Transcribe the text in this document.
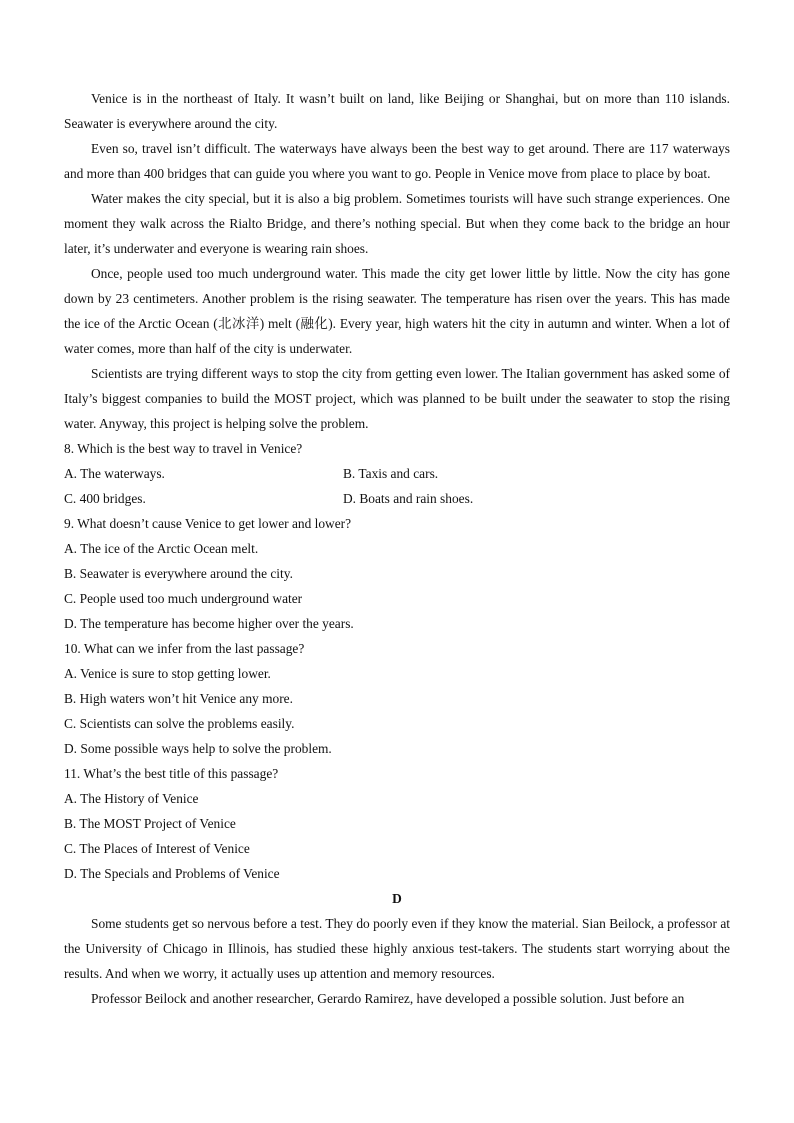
Venice is in the northeast of Italy. It wasn’t built on land, like Beijing or Shanghai, but on more than 110 islands. Seawater is everywhere around the city.

Even so, travel isn’t difficult. The waterways have always been the best way to get around. There are 117 waterways and more than 400 bridges that can guide you where you want to go. People in Venice move from place to place by boat.

Water makes the city special, but it is also a big problem. Sometimes tourists will have such strange experiences. One moment they walk across the Rialto Bridge, and there’s nothing special. But when they come back to the bridge an hour later, it’s underwater and everyone is wearing rain shoes.

Once, people used too much underground water. This made the city get lower little by little. Now the city has gone down by 23 centimeters. Another problem is the rising seawater. The temperature has risen over the years. This has made the ice of the Arctic Ocean (北冰洋) melt (融化). Every year, high waters hit the city in autumn and winter. When a lot of water comes, more than half of the city is underwater.

Scientists are trying different ways to stop the city from getting even lower. The Italian government has asked some of Italy’s biggest companies to build the MOST project, which was planned to be built under the seawater to stop the rising water. Anyway, this project is helping solve the problem.

8. Which is the best way to travel in Venice?

A. The waterways.	B. Taxis and cars.
C. 400 bridges.	D. Boats and rain shoes.

9. What doesn’t cause Venice to get lower and lower?

A. The ice of the Arctic Ocean melt.

B. Seawater is everywhere around the city.

C. People used too much underground water

D. The temperature has become higher over the years.

10. What can we infer from the last passage?

A. Venice is sure to stop getting lower.

B. High waters won’t hit Venice any more.

C. Scientists can solve the problems easily.

D. Some possible ways help to solve the problem.

11. What’s the best title of this passage?

A. The History of Venice

B. The MOST Project of Venice

C. The Places of Interest of Venice

D. The Specials and Problems of Venice

D

Some students get so nervous before a test. They do poorly even if they know the material. Sian Beilock, a professor at the University of Chicago in Illinois, has studied these highly anxious test-takers. The students start worrying about the results. And when we worry, it actually uses up attention and memory resources.

Professor Beilock and another researcher, Gerardo Ramirez, have developed a possible solution. Just before an
